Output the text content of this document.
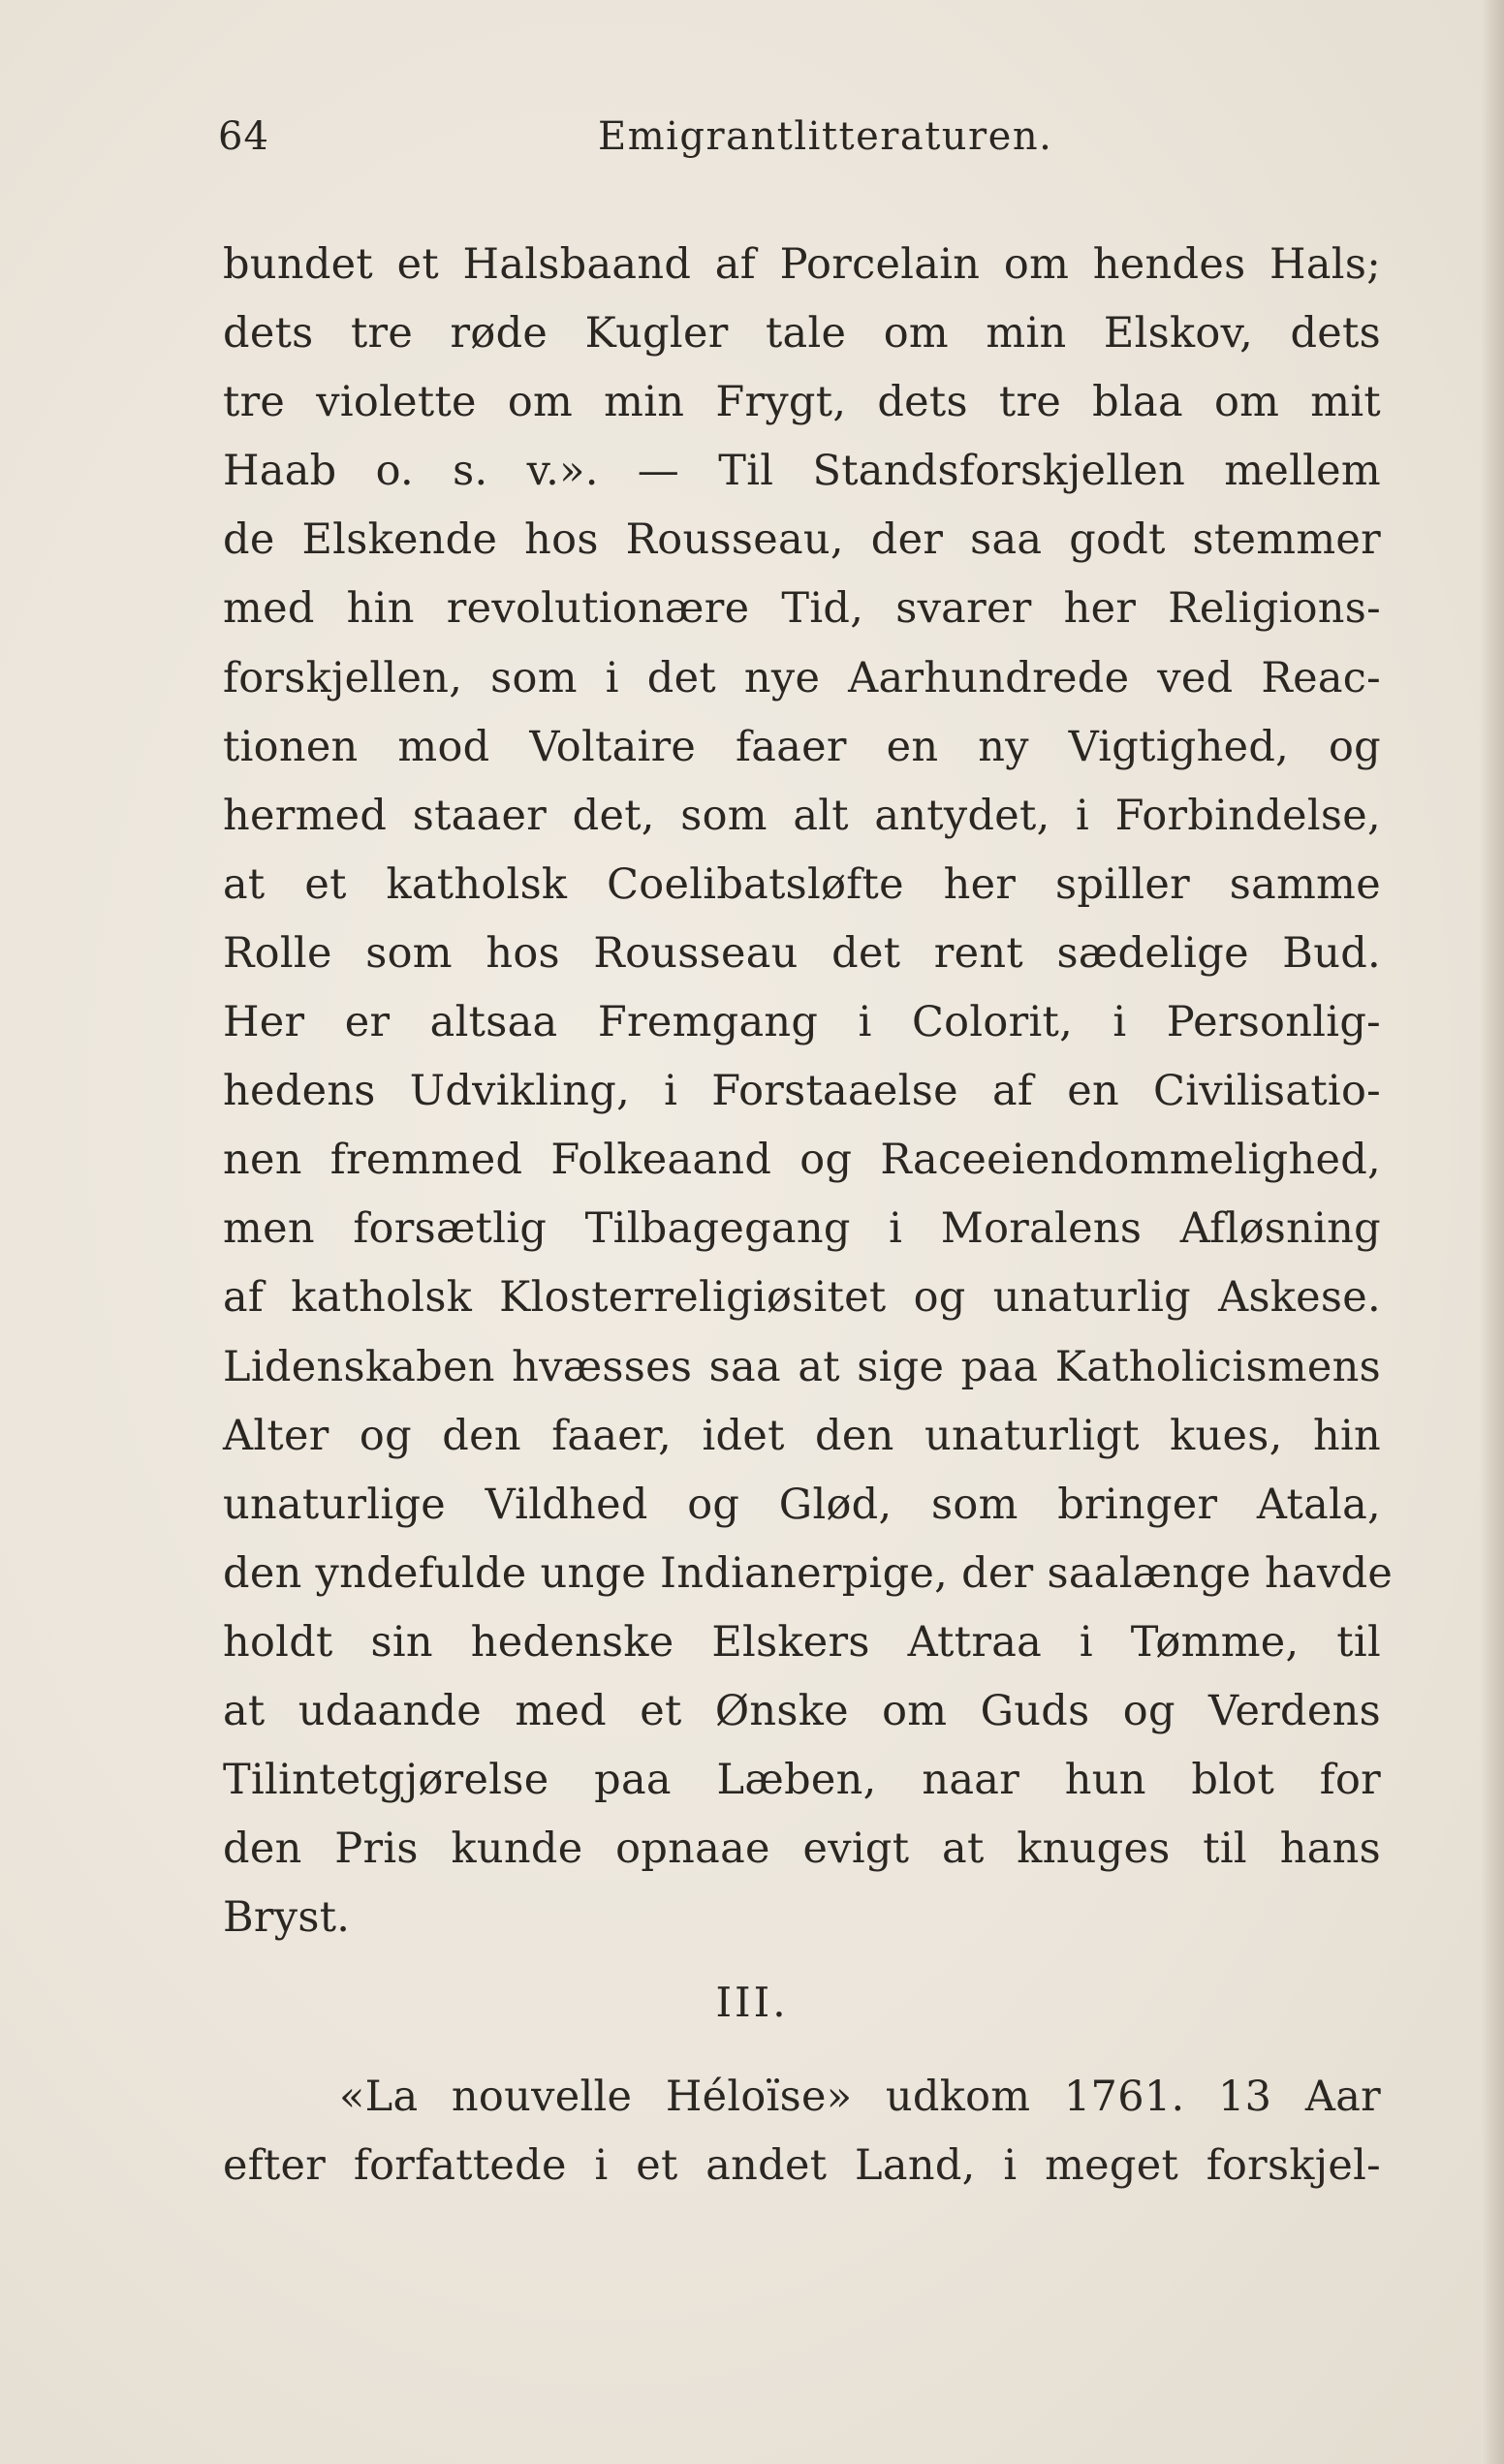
64	Emigrantlitteraturen.
bundet et Halsbaand af Porcelain om hendes Hals;
dets tre røde Kugler tale om min Elskov, dets
tre violette om min Frygt, dets tre blaa om mit
Haab o. s. v.». — Til Standsforskjellen mellem
de Elskende hos Rousseau, der saa godt stemmer
med hin revolutionære Tid, svarer her Religions-
forskjellen, som i det nye Aarhundrede ved Reac-
tionen mod Voltaire faaer en ny Vigtighed, og
hermed staaer det, som alt antydet, i Forbindelse,
at et katholsk Coelibatsløfte her spiller samme
Rolle som hos Rousseau det rent sædelige Bud.
Her er altsaa Fremgang i Colorit, i Personlig-
hedens Udvikling, i Forstaaelse af en Civilisatio-
nen fremmed Folkeaand og Raceeiendommelighed,
men forsætlig Tilbagegang i Moralens Afløsning
af katholsk Klosterreligiøsitet og unaturlig Askese.
Lidenskaben hvæsses saa at sige paa Katholicismens
Alter og den faaer, idet den unaturligt kues, hin
unaturlige Vildhed og Glød, som bringer Atala,
den yndefulde unge Indianerpige, der saalænge havde
holdt sin hedenske Elskers Attraa i Tømme, til
at udaande med et Ønske om Guds og Verdens
Tilintetgjørelse paa Læben, naar hun blot for
den Pris kunde opnaae evigt at knuges til hans
Bryst.
III.
«La nouvelle Héloïse» udkom 1761. 13 Aar
efter forfattede i et andet Land, i meget forskjel-
